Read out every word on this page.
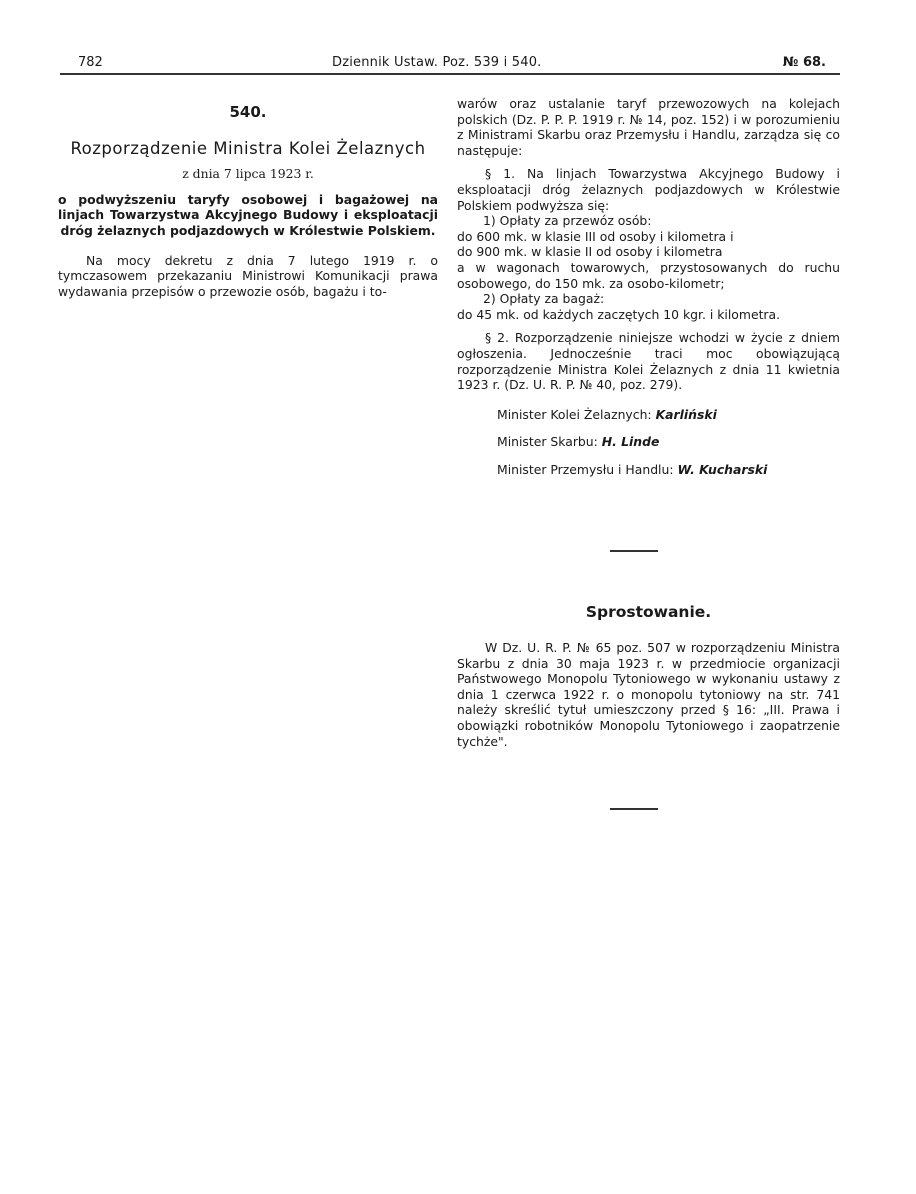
782	Dziennik Ustaw. Poz. 539 i 540.	№ 68.
540.
Rozporządzenie Ministra Kolei Żelaznych
z dnia 7 lipca 1923 r.
o podwyższeniu taryfy osobowej i bagażowej na linjach Towarzystwa Akcyjnego Budowy i eksploatacji dróg żelaznych podjazdowych w Królestwie Polskiem.

Na mocy dekretu z dnia 7 lutego 1919 r. o tymczasowem przekazaniu Ministrowi Komunikacji prawa wydawania przepisów o przewozie osób, bagażu i to-

warów oraz ustalanie taryf przewozowych na kolejach polskich (Dz. P. P. P. 1919 r. № 14, poz. 152) i w porozumieniu z Ministrami Skarbu oraz Przemysłu i Handlu, zarządza się co następuje:

§ 1. Na linjach Towarzystwa Akcyjnego Budowy i eksploatacji dróg żelaznych podjazdowych w Królestwie Polskiem podwyższa się:

1) Opłaty za przewóz osób:

do 600 mk. w klasie III od osoby i kilometra i

do 900 mk. w klasie II od osoby i kilometra

a w wagonach towarowych, przystosowanych do ruchu osobowego, do 150 mk. za osobo-kilometr;

2) Opłaty za bagaż:

do 45 mk. od każdych zaczętych 10 kgr. i kilometra.

§ 2. Rozporządzenie niniejsze wchodzi w życie z dniem ogłoszenia. Jednocześnie traci moc obowiązującą rozporządzenie Ministra Kolei Żelaznych z dnia 11 kwietnia 1923 r. (Dz. U. R. P. № 40, poz. 279).

Minister Kolei Żelaznych: Karliński

Minister Skarbu: H. Linde

Minister Przemysłu i Handlu: W. Kucharski

Sprostowanie.

W Dz. U. R. P. № 65 poz. 507 w rozporządzeniu Ministra Skarbu z dnia 30 maja 1923 r. w przedmiocie organizacji Państwowego Monopolu Tytoniowego w wykonaniu ustawy z dnia 1 czerwca 1922 r. o monopolu tytoniowy na str. 741 należy skreślić tytuł umieszczony przed § 16: „III. Prawa i obowiązki robotników Monopolu Tytoniowego i zaopatrzenie tychże".
